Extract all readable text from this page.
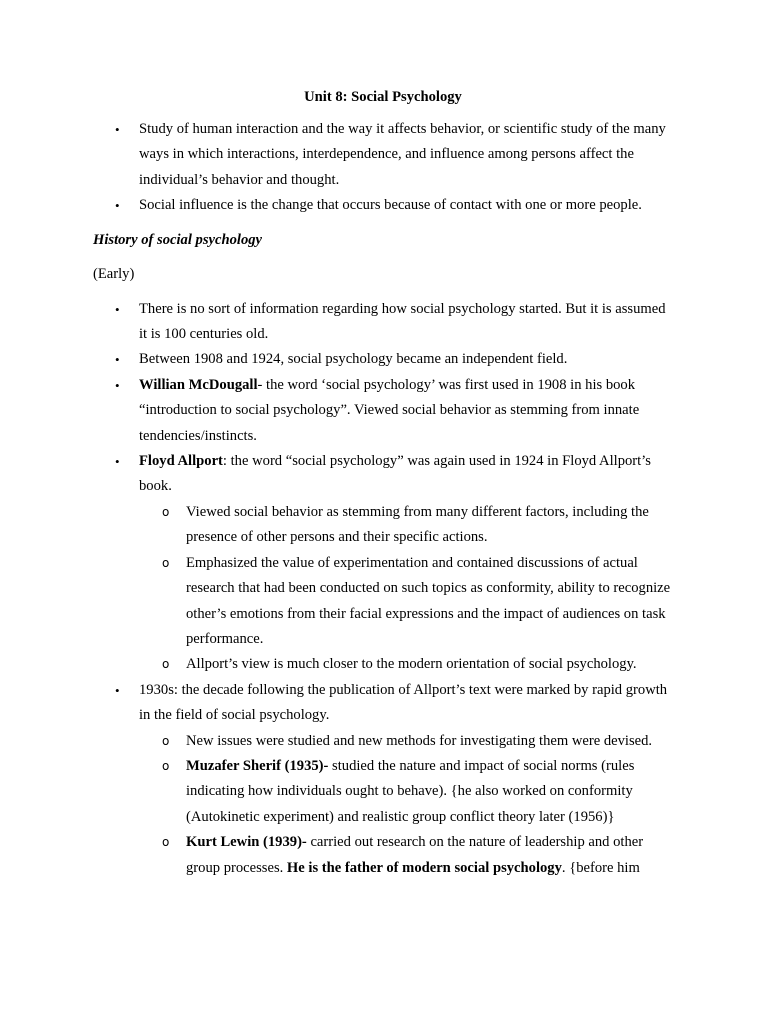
Unit 8: Social Psychology

• Study of human interaction and the way it affects behavior, or scientific study of the many ways in which interactions, interdependence, and influence among persons affect the individual’s behavior and thought.
• Social influence is the change that occurs because of contact with one or more people.

History of social psychology

(Early)

• There is no sort of information regarding how social psychology started. But it is assumed it is 100 centuries old.
• Between 1908 and 1924, social psychology became an independent field.
• Willian McDougall- the word ‘social psychology’ was first used in 1908 in his book “introduction to social psychology”. Viewed social behavior as stemming from innate tendencies/instincts.
• Floyd Allport: the word “social psychology” was again used in 1924 in Floyd Allport’s book.
o Viewed social behavior as stemming from many different factors, including the presence of other persons and their specific actions.
o Emphasized the value of experimentation and contained discussions of actual research that had been conducted on such topics as conformity, ability to recognize other’s emotions from their facial expressions and the impact of audiences on task performance.
o Allport’s view is much closer to the modern orientation of social psychology.
• 1930s: the decade following the publication of Allport’s text were marked by rapid growth in the field of social psychology.
o New issues were studied and new methods for investigating them were devised.
o Muzafer Sherif (1935)- studied the nature and impact of social norms (rules indicating how individuals ought to behave). {he also worked on conformity (Autokinetic experiment) and realistic group conflict theory later (1956)}
o Kurt Lewin (1939)- carried out research on the nature of leadership and other group processes. He is the father of modern social psychology. {before him
